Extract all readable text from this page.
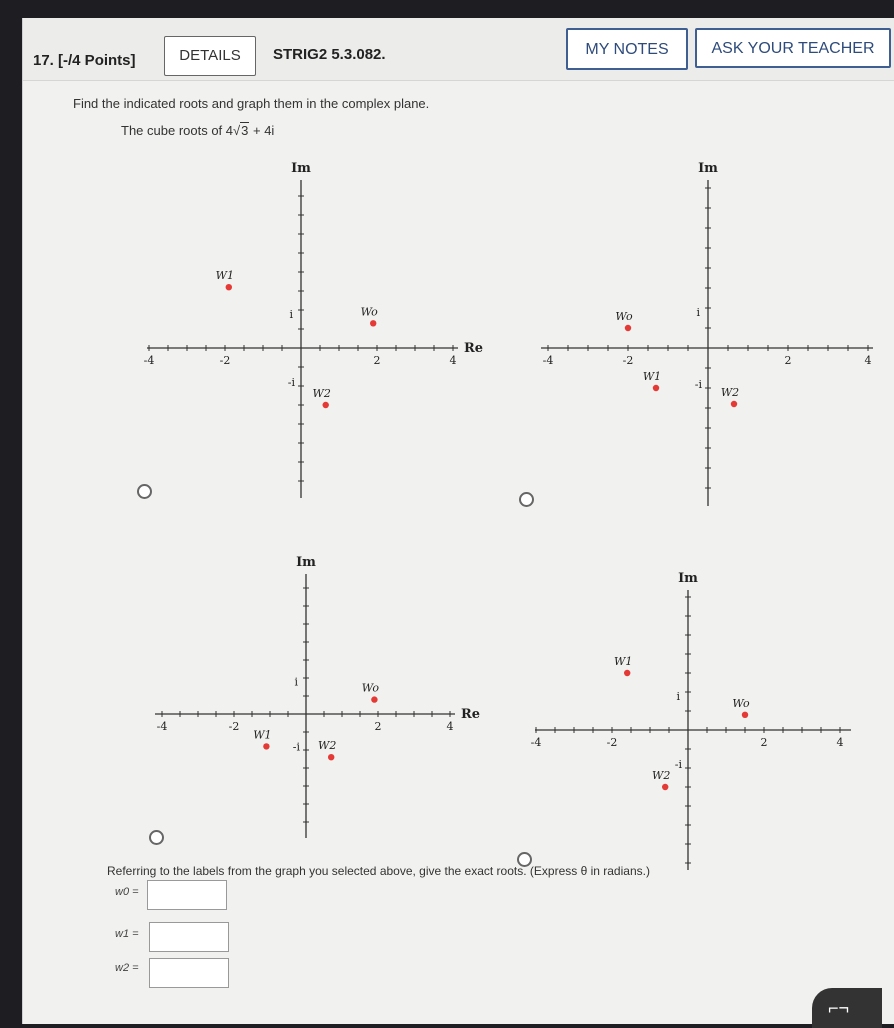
17. [-/4 Points]	DETAILS	STRIG2 5.3.082.	MY NOTES	ASK YOUR TEACHER
Find the indicated roots and graph them in the complex plane.
The cube roots of 4√3 + 4i
-4	-2	2	4
i
-i
Im
Re
W1
Wo
W2
-4	-2	2	4
i
-i
Im
Wo
W1
W2
-4	-2	2	4
i
-i
Im
Re
Wo
W1
W2	-4	-2	2	4
i
-i
Im
W1
Wo
W2
Referring to the labels from the graph you selected above, give the exact roots. (Express θ in radians.)
w0 =
w1 =
w2 =
⌐¬
